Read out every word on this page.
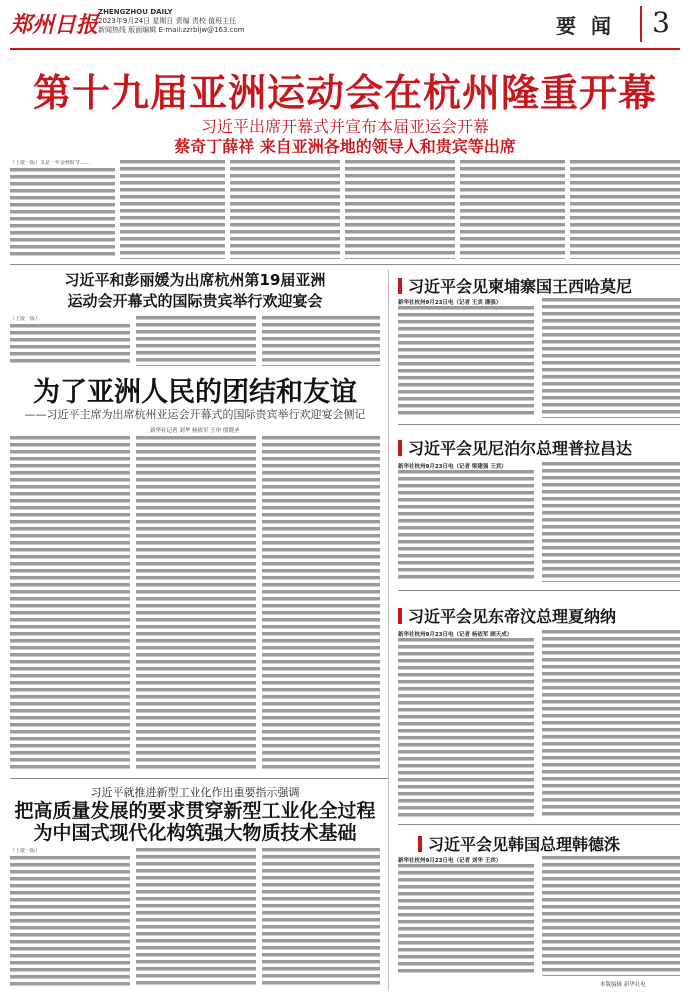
郑州日报 ZHENGZHOU DAILY
2023年9月24日 星期日 责编 责校 值班主任
新闻热线 版面编辑 E-mail:zzrbljw@163.com	要 闻	3
第十九届亚洲运动会在杭州隆重开幕
习近平出席开幕式并宣布本届亚运会开幕
蔡奇丁薛祥 来自亚洲各地的领导人和贵宾等出席
（上接一版）又是一年金秋时节……
习近平和彭丽媛为出席杭州第19届亚洲
运动会开幕式的国际贵宾举行欢迎宴会
（上接一版）
为了亚洲人民的团结和友谊
——习近平主席为出席杭州亚运会开幕式的国际贵宾举行欢迎宴会侧记
新华社记者 刘华 杨依军 王申 殷晓圣
习近平就推进新型工业化作出重要指示强调
把高质量发展的要求贯穿新型工业化全过程
为中国式现代化构筑强大物质技术基础
（上接一版）
习近平会见柬埔寨国王西哈莫尼
新华社杭州9月23日电（记者 王宾 潘强）
习近平会见尼泊尔总理普拉昌达
新华社杭州9月23日电（记者 梁建强 王宾）
习近平会见东帝汶总理夏纳纳
新华社杭州9月23日电（记者 杨依军 顾天成）
习近平会见韩国总理韩德洙
新华社杭州9月23日电（记者 刘华 王宾）
本版编辑 新华社电
